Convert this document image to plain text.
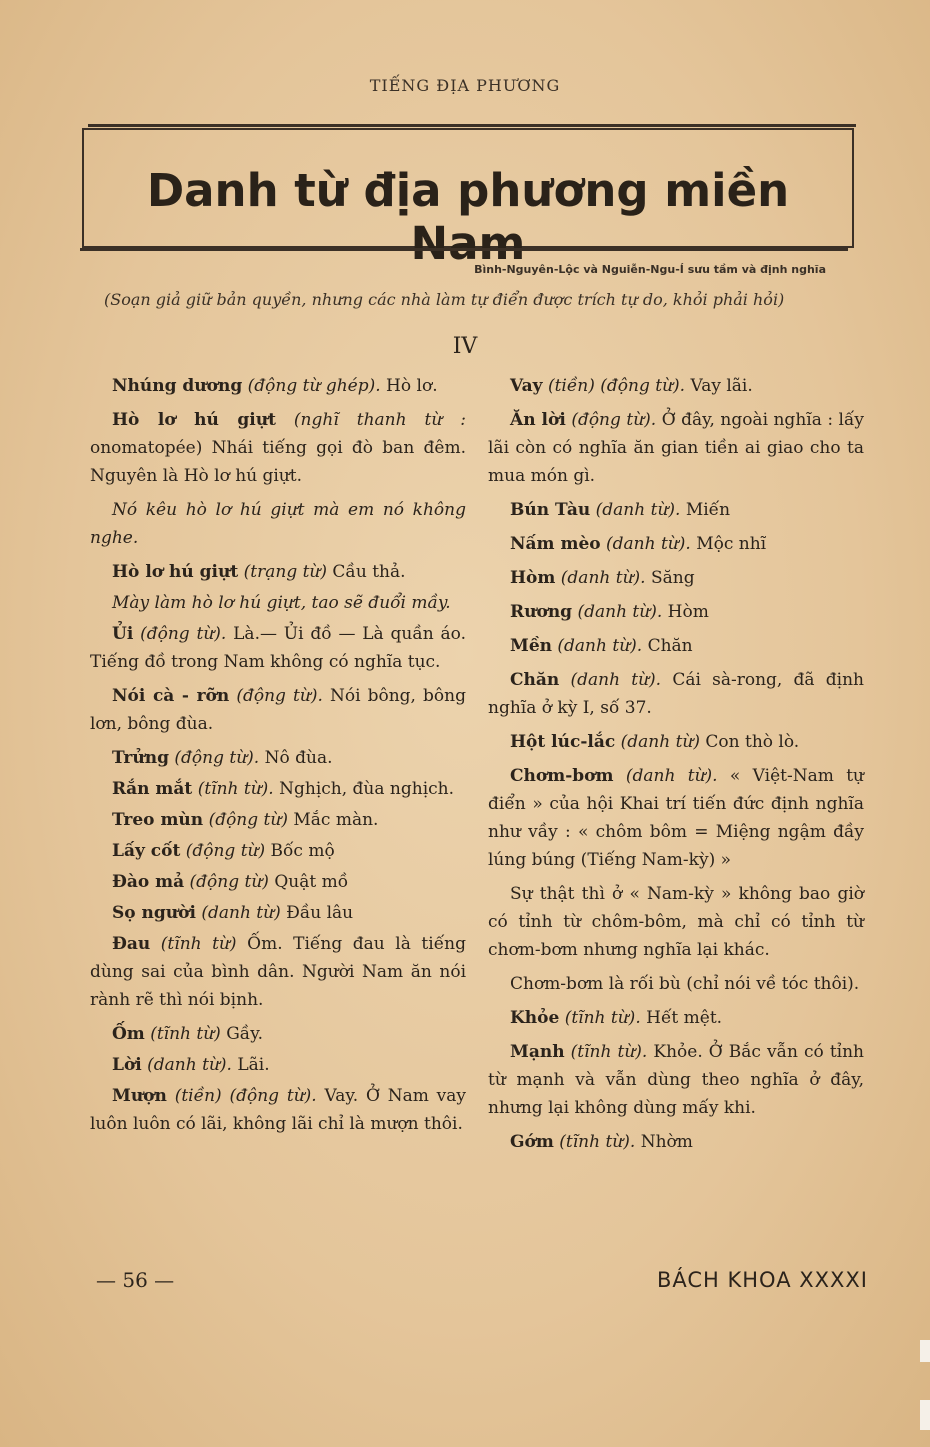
TIẾNG ĐỊA PHƯƠNG
Danh từ địa phương miền Nam
Bình-Nguyên-Lộc và Nguiễn-Ngu-Í sưu tầm và định nghĩa
(Soạn giả giữ bản quyền, nhưng các nhà làm tự điển được trích tự do, khỏi phải hỏi)
IV

Nhúng dương (động từ ghép). Hò lơ.

Hò lơ hú giựt (nghĩ thanh từ : onomatopée) Nhái tiếng gọi đò ban đêm. Nguyên là Hò lơ hú giựt.

Nó kêu hò lơ hú giựt mà em nó không nghe.

Hò lơ hú giựt (trạng từ) Cầu thả.

Mày làm hò lơ hú giựt, tao sẽ đuổi mầy.

Ủi (động từ). Là.— Ủi đồ — Là quần áo. Tiếng đồ trong Nam không có nghĩa tục.

Nói cà - rỡn (động từ). Nói bông, bông lơn, bông đùa.

Trửng (động từ). Nô đùa.

Rắn mắt (tĩnh từ). Nghịch, đùa nghịch.

Treo mùn (động từ) Mắc màn.

Lấy cốt (động từ) Bốc mộ

Đào mả (động từ) Quật mồ

Sọ người (danh từ) Đầu lâu

Đau (tĩnh từ) Ốm. Tiếng đau là tiếng dùng sai của bình dân. Người Nam ăn nói rành rẽ thì nói bịnh.

Ốm (tĩnh từ) Gầy.

Lời (danh từ). Lãi.

Mượn (tiền) (động từ). Vay. Ở Nam vay luôn luôn có lãi, không lãi chỉ là mượn thôi.

Vay (tiền) (động từ). Vay lãi.

Ăn lời (động từ). Ở đây, ngoài nghĩa : lấy lãi còn có nghĩa ăn gian tiền ai giao cho ta mua món gì.

Bún Tàu (danh từ). Miến

Nấm mèo (danh từ). Mộc nhĩ

Hòm (danh từ). Săng

Rương (danh từ). Hòm

Mền (danh từ). Chăn

Chăn (danh từ). Cái sà-rong, đã định nghĩa ở kỳ I, số 37.

Hột lúc-lắc (danh từ) Con thò lò.

Chơm-bơm (danh từ). « Việt-Nam tự điển » của hội Khai trí tiến đức định nghĩa như vầy : « chôm bôm = Miệng ngậm đầy lúng búng (Tiếng Nam-kỳ) »

Sự thật thì ở « Nam-kỳ » không bao giờ có tỉnh từ chôm-bôm, mà chỉ có tỉnh từ chơm-bơm nhưng nghĩa lại khác.

Chơm-bơm là rối bù (chỉ nói về tóc thôi).

Khỏe (tĩnh từ). Hết mệt.

Mạnh (tĩnh từ). Khỏe. Ở Bắc vẫn có tỉnh từ mạnh và vẫn dùng theo nghĩa ở đây, nhưng lại không dùng mấy khi.

Gớm (tĩnh từ). Nhờm

— 56 —	BÁCH KHOA XXXXI
